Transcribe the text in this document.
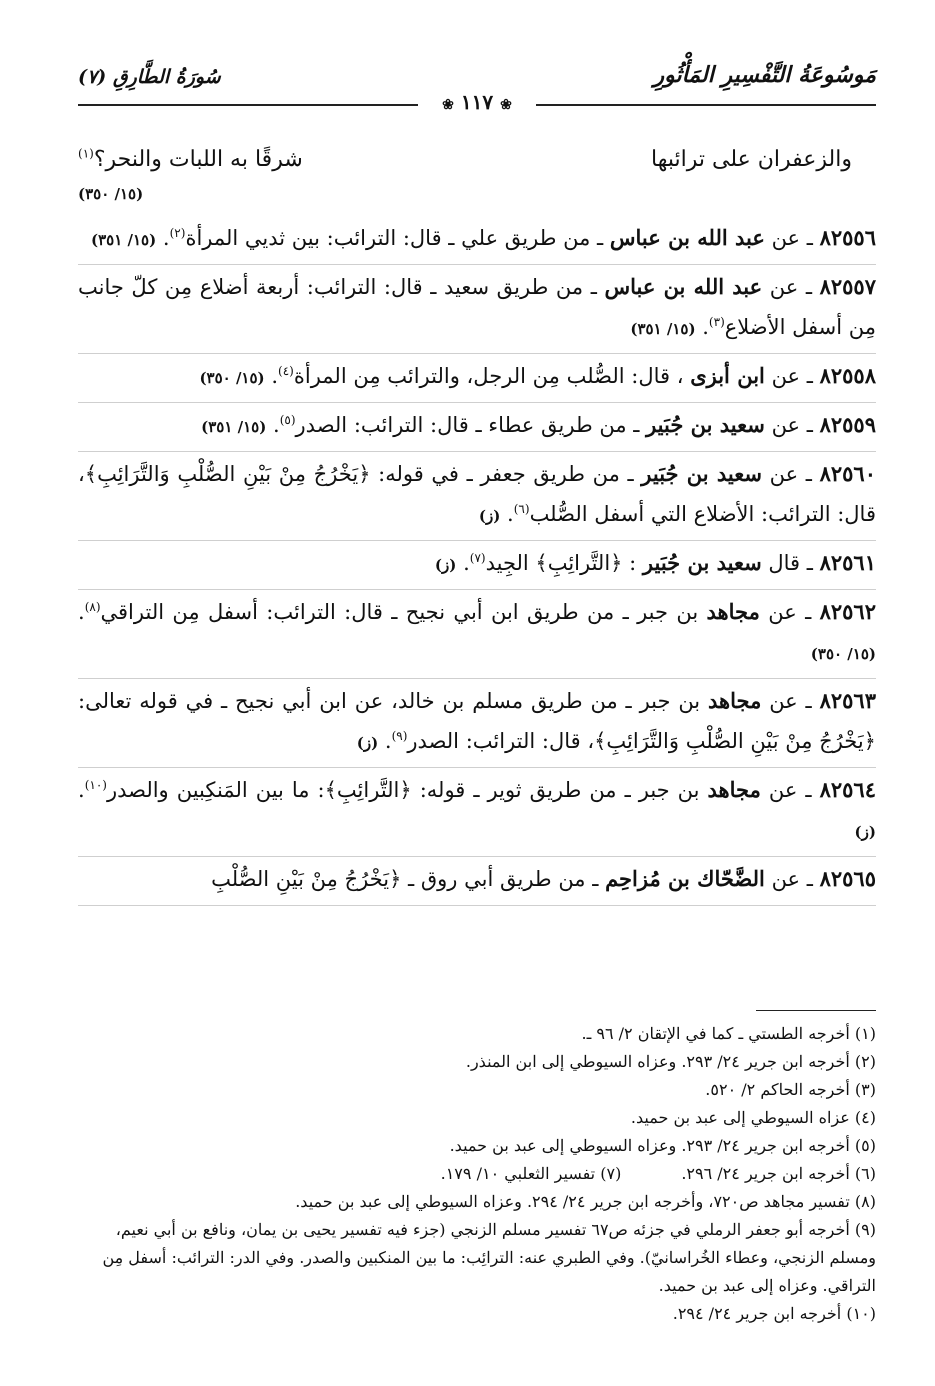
مَوسُوعَةُ التَّفْسِيرِ المَأْثُورِ
سُورَةُ الطَّارِقِ (٧)
❀ ١١٧ ❀
والزعفران على ترائبها
شرقًا به اللبات والنحر؟$^{(١)}$
(١٥/ ٣٥٠)

٨٢٥٥٦ ـ عن عبد الله بن عباس ـ من طريق علي ـ قال: الترائب: بين ثديي المرأة$^{(٢)}$. (١٥/ ٣٥١)

٨٢٥٥٧ ـ عن عبد الله بن عباس ـ من طريق سعيد ـ قال: الترائب: أربعة أضلاع مِن كلّ جانب مِن أسفل الأضلاع$^{(٣)}$. (١٥/ ٣٥١)

٨٢٥٥٨ ـ عن ابن أبزى ، قال: الصُّلب مِن الرجل، والترائب مِن المرأة$^{(٤)}$. (١٥/ ٣٥٠)

٨٢٥٥٩ ـ عن سعيد بن جُبَير ـ من طريق عطاء ـ قال: الترائب: الصدر$^{(٥)}$. (١٥/ ٣٥١)

٨٢٥٦٠ ـ عن سعيد بن جُبَير ـ من طريق جعفر ـ في قوله: ﴿يَخْرُجُ مِنْ بَيْنِ الصُّلْبِ وَالتَّرَائِبِ﴾، قال: الترائب: الأضلاع التي أسفل الصُّلب$^{(٦)}$. (ز)

٨٢٥٦١ ـ قال سعيد بن جُبَير : ﴿التَّرائِبِ﴾ الجِيد$^{(٧)}$. (ز)

٨٢٥٦٢ ـ عن مجاهد بن جبر ـ من طريق ابن أبي نجيح ـ قال: الترائب: أسفل مِن التراقي$^{(٨)}$. (١٥/ ٣٥٠)

٨٢٥٦٣ ـ عن مجاهد بن جبر ـ من طريق مسلم بن خالد، عن ابن أبي نجيح ـ في قوله تعالى: ﴿يَخْرُجُ مِنْ بَيْنِ الصُّلْبِ وَالتَّرَائِبِ﴾، قال: الترائب: الصدر$^{(٩)}$. (ز)

٨٢٥٦٤ ـ عن مجاهد بن جبر ـ من طريق ثوير ـ قوله: ﴿التَّرائِبِ﴾: ما بين المَنكِبين والصدر$^{(١٠)}$. (ز)

٨٢٥٦٥ ـ عن الضَّحّاك بن مُزاحِم ـ من طريق أبي روق ـ ﴿يَخْرُجُ مِنْ بَيْنِ الصُّلْبِ

(١) أخرجه الطستي ـ كما في الإتقان ٢/ ٩٦ ـ.

(٢) أخرجه ابن جرير ٢٤/ ٢٩٣. وعزاه السيوطي إلى ابن المنذر.

(٣) أخرجه الحاكم ٢/ ٥٢٠.

(٤) عزاه السيوطي إلى عبد بن حميد.

(٥) أخرجه ابن جرير ٢٤/ ٢٩٣. وعزاه السيوطي إلى عبد بن حميد.

(٦) أخرجه ابن جرير ٢٤/ ٢٩٦.
(٧) تفسير الثعلبي ١٠/ ١٧٩.

(٨) تفسير مجاهد ص٧٢٠، وأخرجه ابن جرير ٢٤/ ٢٩٤. وعزاه السيوطي إلى عبد بن حميد.

(٩) أخرجه أبو جعفر الرملي في جزئه ص٦٧ تفسير مسلم الزنجي (جزء فيه تفسير يحيى بن يمان، ونافع بن أبي نعيم، ومسلم الزنجي، وعطاء الخُراسانيّ). وفي الطبري عنه: الترائِب: ما بين المنكبين والصدر. وفي الدر: الترائب: أسفل مِن التراقي. وعزاه إلى عبد بن حميد.

(١٠) أخرجه ابن جرير ٢٤/ ٢٩٤.
